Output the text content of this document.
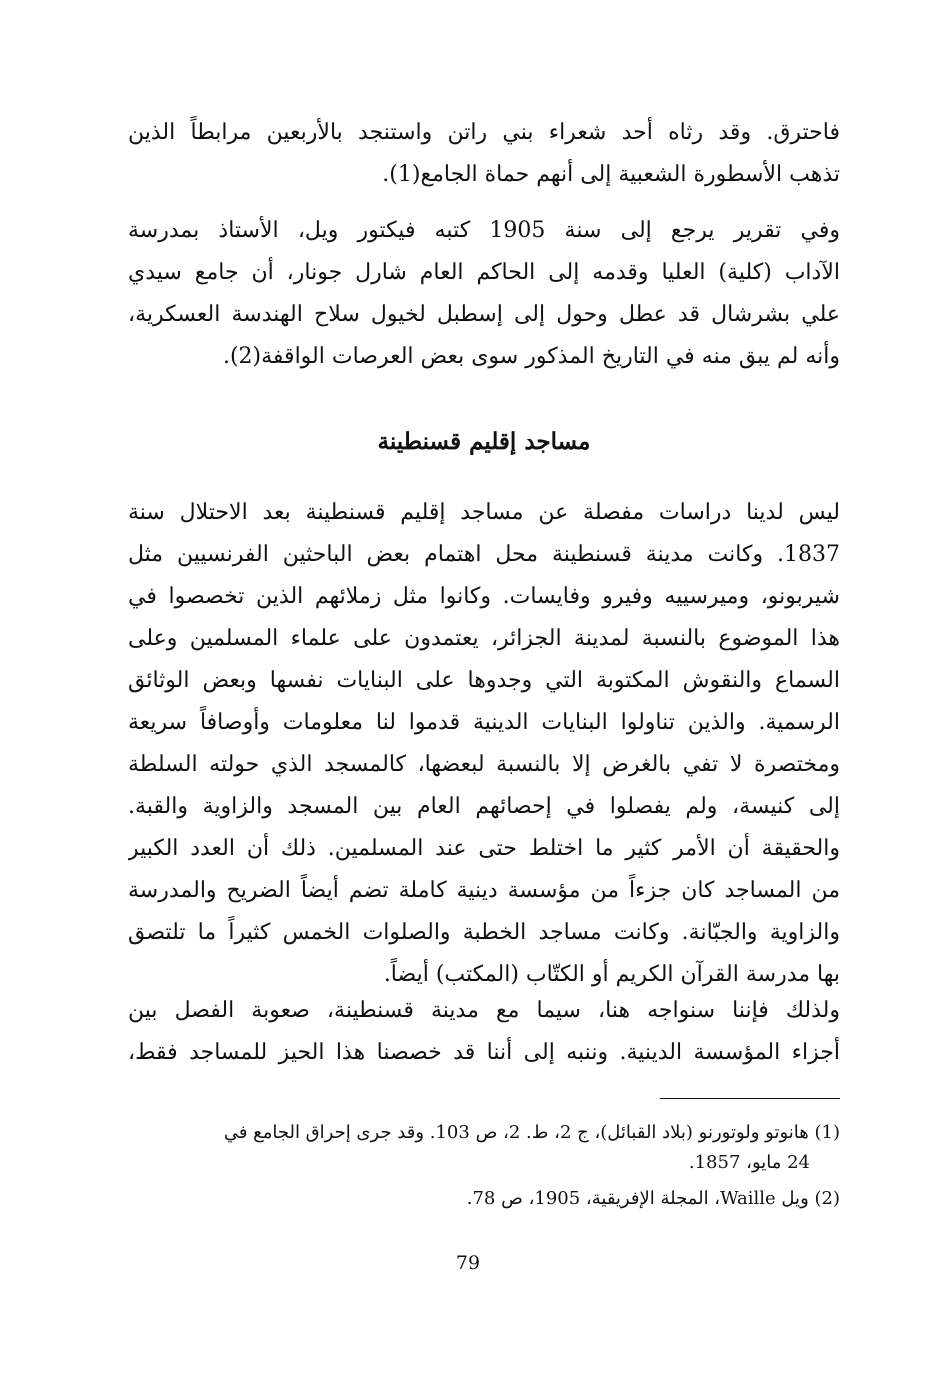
فاحترق. وقد رثاه أحد شعراء بني راتن واستنجد بالأربعين مرابطاً الذين
تذهب الأسطورة الشعبية إلى أنهم حماة الجامع(1).
وفي تقرير يرجع إلى سنة 1905 كتبه فيكتور ويل، الأستاذ بمدرسة
الآداب (كلية) العليا وقدمه إلى الحاكم العام شارل جونار، أن جامع سيدي
علي بشرشال قد عطل وحول إلى إسطبل لخيول سلاح الهندسة العسكرية،
وأنه لم يبق منه في التاريخ المذكور سوى بعض العرصات الواقفة(2).
مساجد إقليم قسنطينة
ليس لدينا دراسات مفصلة عن مساجد إقليم قسنطينة بعد الاحتلال سنة
1837. وكانت مدينة قسنطينة محل اهتمام بعض الباحثين الفرنسيين مثل
شيربونو، وميرسييه وفيرو وفايسات. وكانوا مثل زملائهم الذين تخصصوا في
هذا الموضوع بالنسبة لمدينة الجزائر، يعتمدون على علماء المسلمين وعلى
السماع والنقوش المكتوبة التي وجدوها على البنايات نفسها وبعض الوثائق
الرسمية. والذين تناولوا البنايات الدينية قدموا لنا معلومات وأوصافاً سريعة
ومختصرة لا تفي بالغرض إلا بالنسبة لبعضها، كالمسجد الذي حولته السلطة
إلى كنيسة، ولم يفصلوا في إحصائهم العام بين المسجد والزاوية والقبة.
والحقيقة أن الأمر كثير ما اختلط حتى عند المسلمين. ذلك أن العدد الكبير
من المساجد كان جزءاً من مؤسسة دينية كاملة تضم أيضاً الضريح والمدرسة
والزاوية والجبّانة. وكانت مساجد الخطبة والصلوات الخمس كثيراً ما تلتصق
بها مدرسة القرآن الكريم أو الكتّاب (المكتب) أيضاً.
ولذلك فإننا سنواجه هنا، سيما مع مدينة قسنطينة، صعوبة الفصل بين
أجزاء المؤسسة الدينية. وننبه إلى أننا قد خصصنا هذا الحيز للمساجد فقط،
(1) هانوتو ولوتورنو (بلاد القبائل)، ج 2، ط. 2، ص 103. وقد جرى إحراق الجامع في
24 مايو، 1857.
(2) ويل Waille، المجلة الإفريقية، 1905، ص 78.
79
